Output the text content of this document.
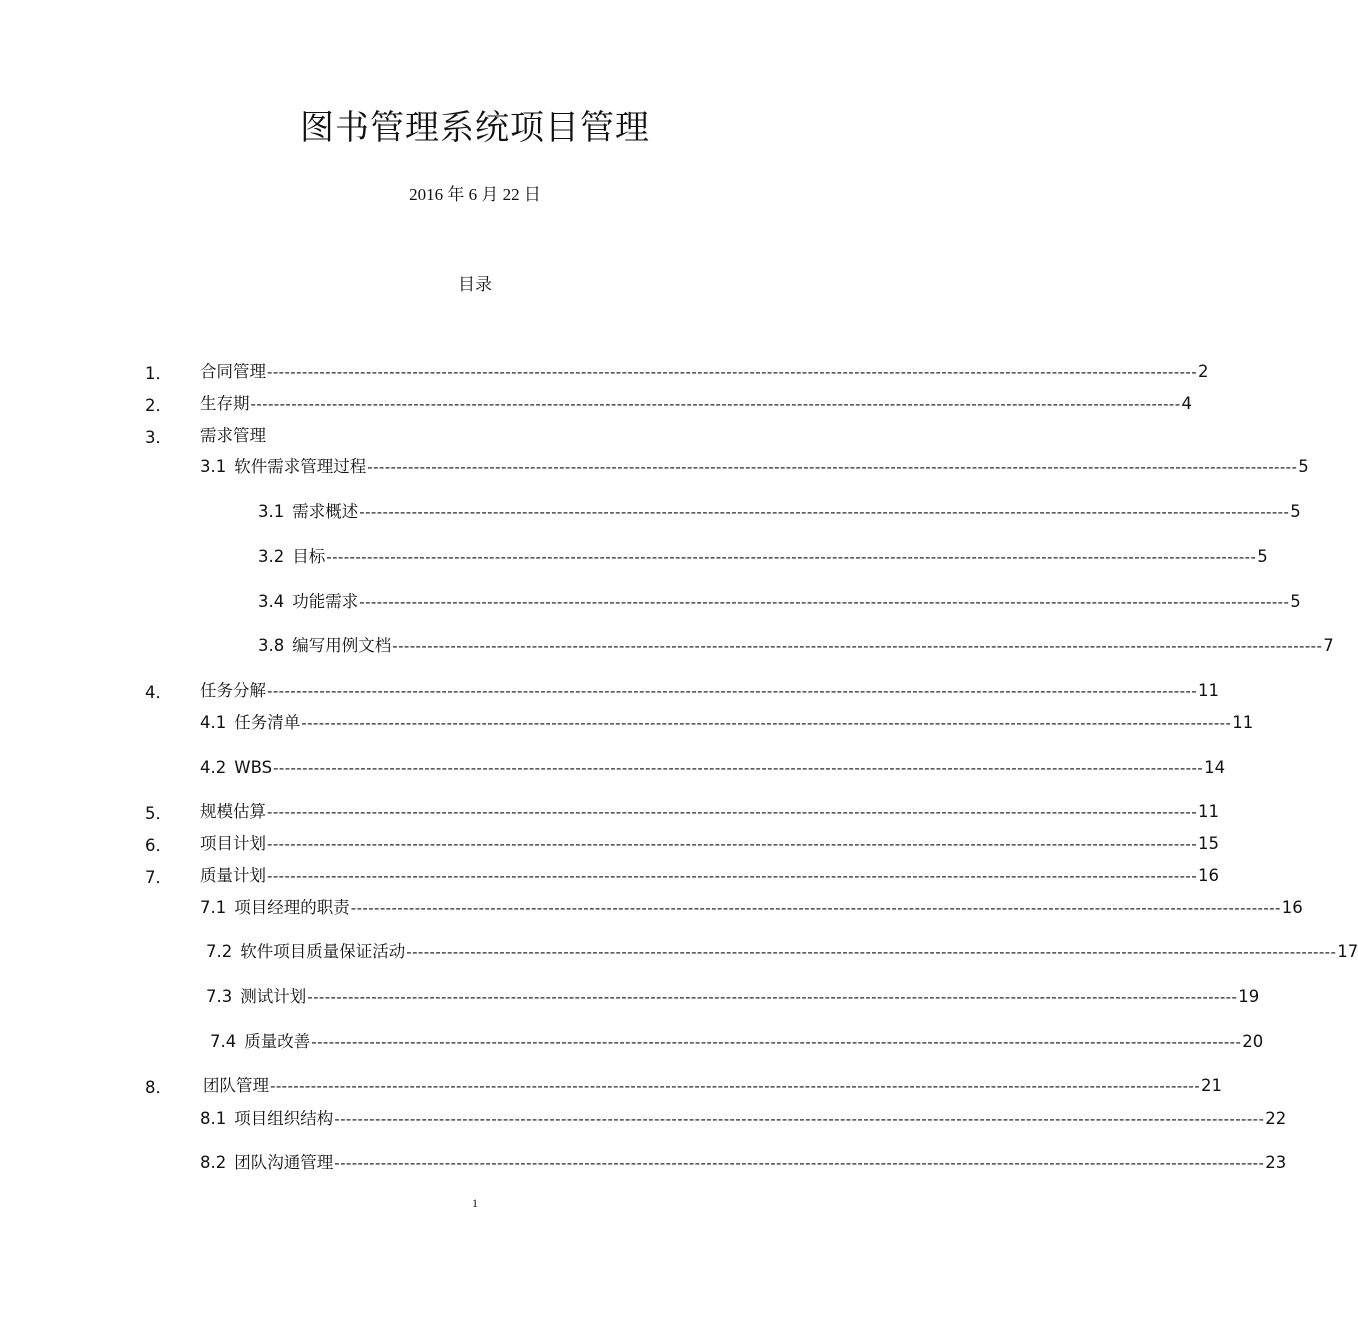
图书管理系统项目管理
2016 年 6 月 22 日
目录
1．	合同管理 ---------------------------------------------------------------------------------------------------------------------------------------------------------------- 2
2．	生存期 ---------------------------------------------------------------------------------------------------------------------------------------------------------------- 4
3．	需求管理
3.1 软件需求管理过程 ---------------------------------------------------------------------------------------------------------------------------------------------------------------- 5
3.1 需求概述 ---------------------------------------------------------------------------------------------------------------------------------------------------------------- 5
3.2 目标 ---------------------------------------------------------------------------------------------------------------------------------------------------------------- 5
3.4 功能需求 ---------------------------------------------------------------------------------------------------------------------------------------------------------------- 5
3.8 编写用例文档 ---------------------------------------------------------------------------------------------------------------------------------------------------------------- 7
4．	任务分解 ---------------------------------------------------------------------------------------------------------------------------------------------------------------- 11
4.1 任务清单 ---------------------------------------------------------------------------------------------------------------------------------------------------------------- 11
4.2 WBS ---------------------------------------------------------------------------------------------------------------------------------------------------------------- 14
5．	规模估算 ---------------------------------------------------------------------------------------------------------------------------------------------------------------- 11
6．	项目计划 ---------------------------------------------------------------------------------------------------------------------------------------------------------------- 15
7．	质量计划 ---------------------------------------------------------------------------------------------------------------------------------------------------------------- 16
7.1 项目经理的职责 ---------------------------------------------------------------------------------------------------------------------------------------------------------------- 16
7.2 软件项目质量保证活动 ---------------------------------------------------------------------------------------------------------------------------------------------------------------- 17
7.3 测试计划 ---------------------------------------------------------------------------------------------------------------------------------------------------------------- 19
7.4 质量改善 ---------------------------------------------------------------------------------------------------------------------------------------------------------------- 20
8．	团队管理 ---------------------------------------------------------------------------------------------------------------------------------------------------------------- 21
8.1 项目组织结构 ---------------------------------------------------------------------------------------------------------------------------------------------------------------- 22
8.2 团队沟通管理 ---------------------------------------------------------------------------------------------------------------------------------------------------------------- 23
1
